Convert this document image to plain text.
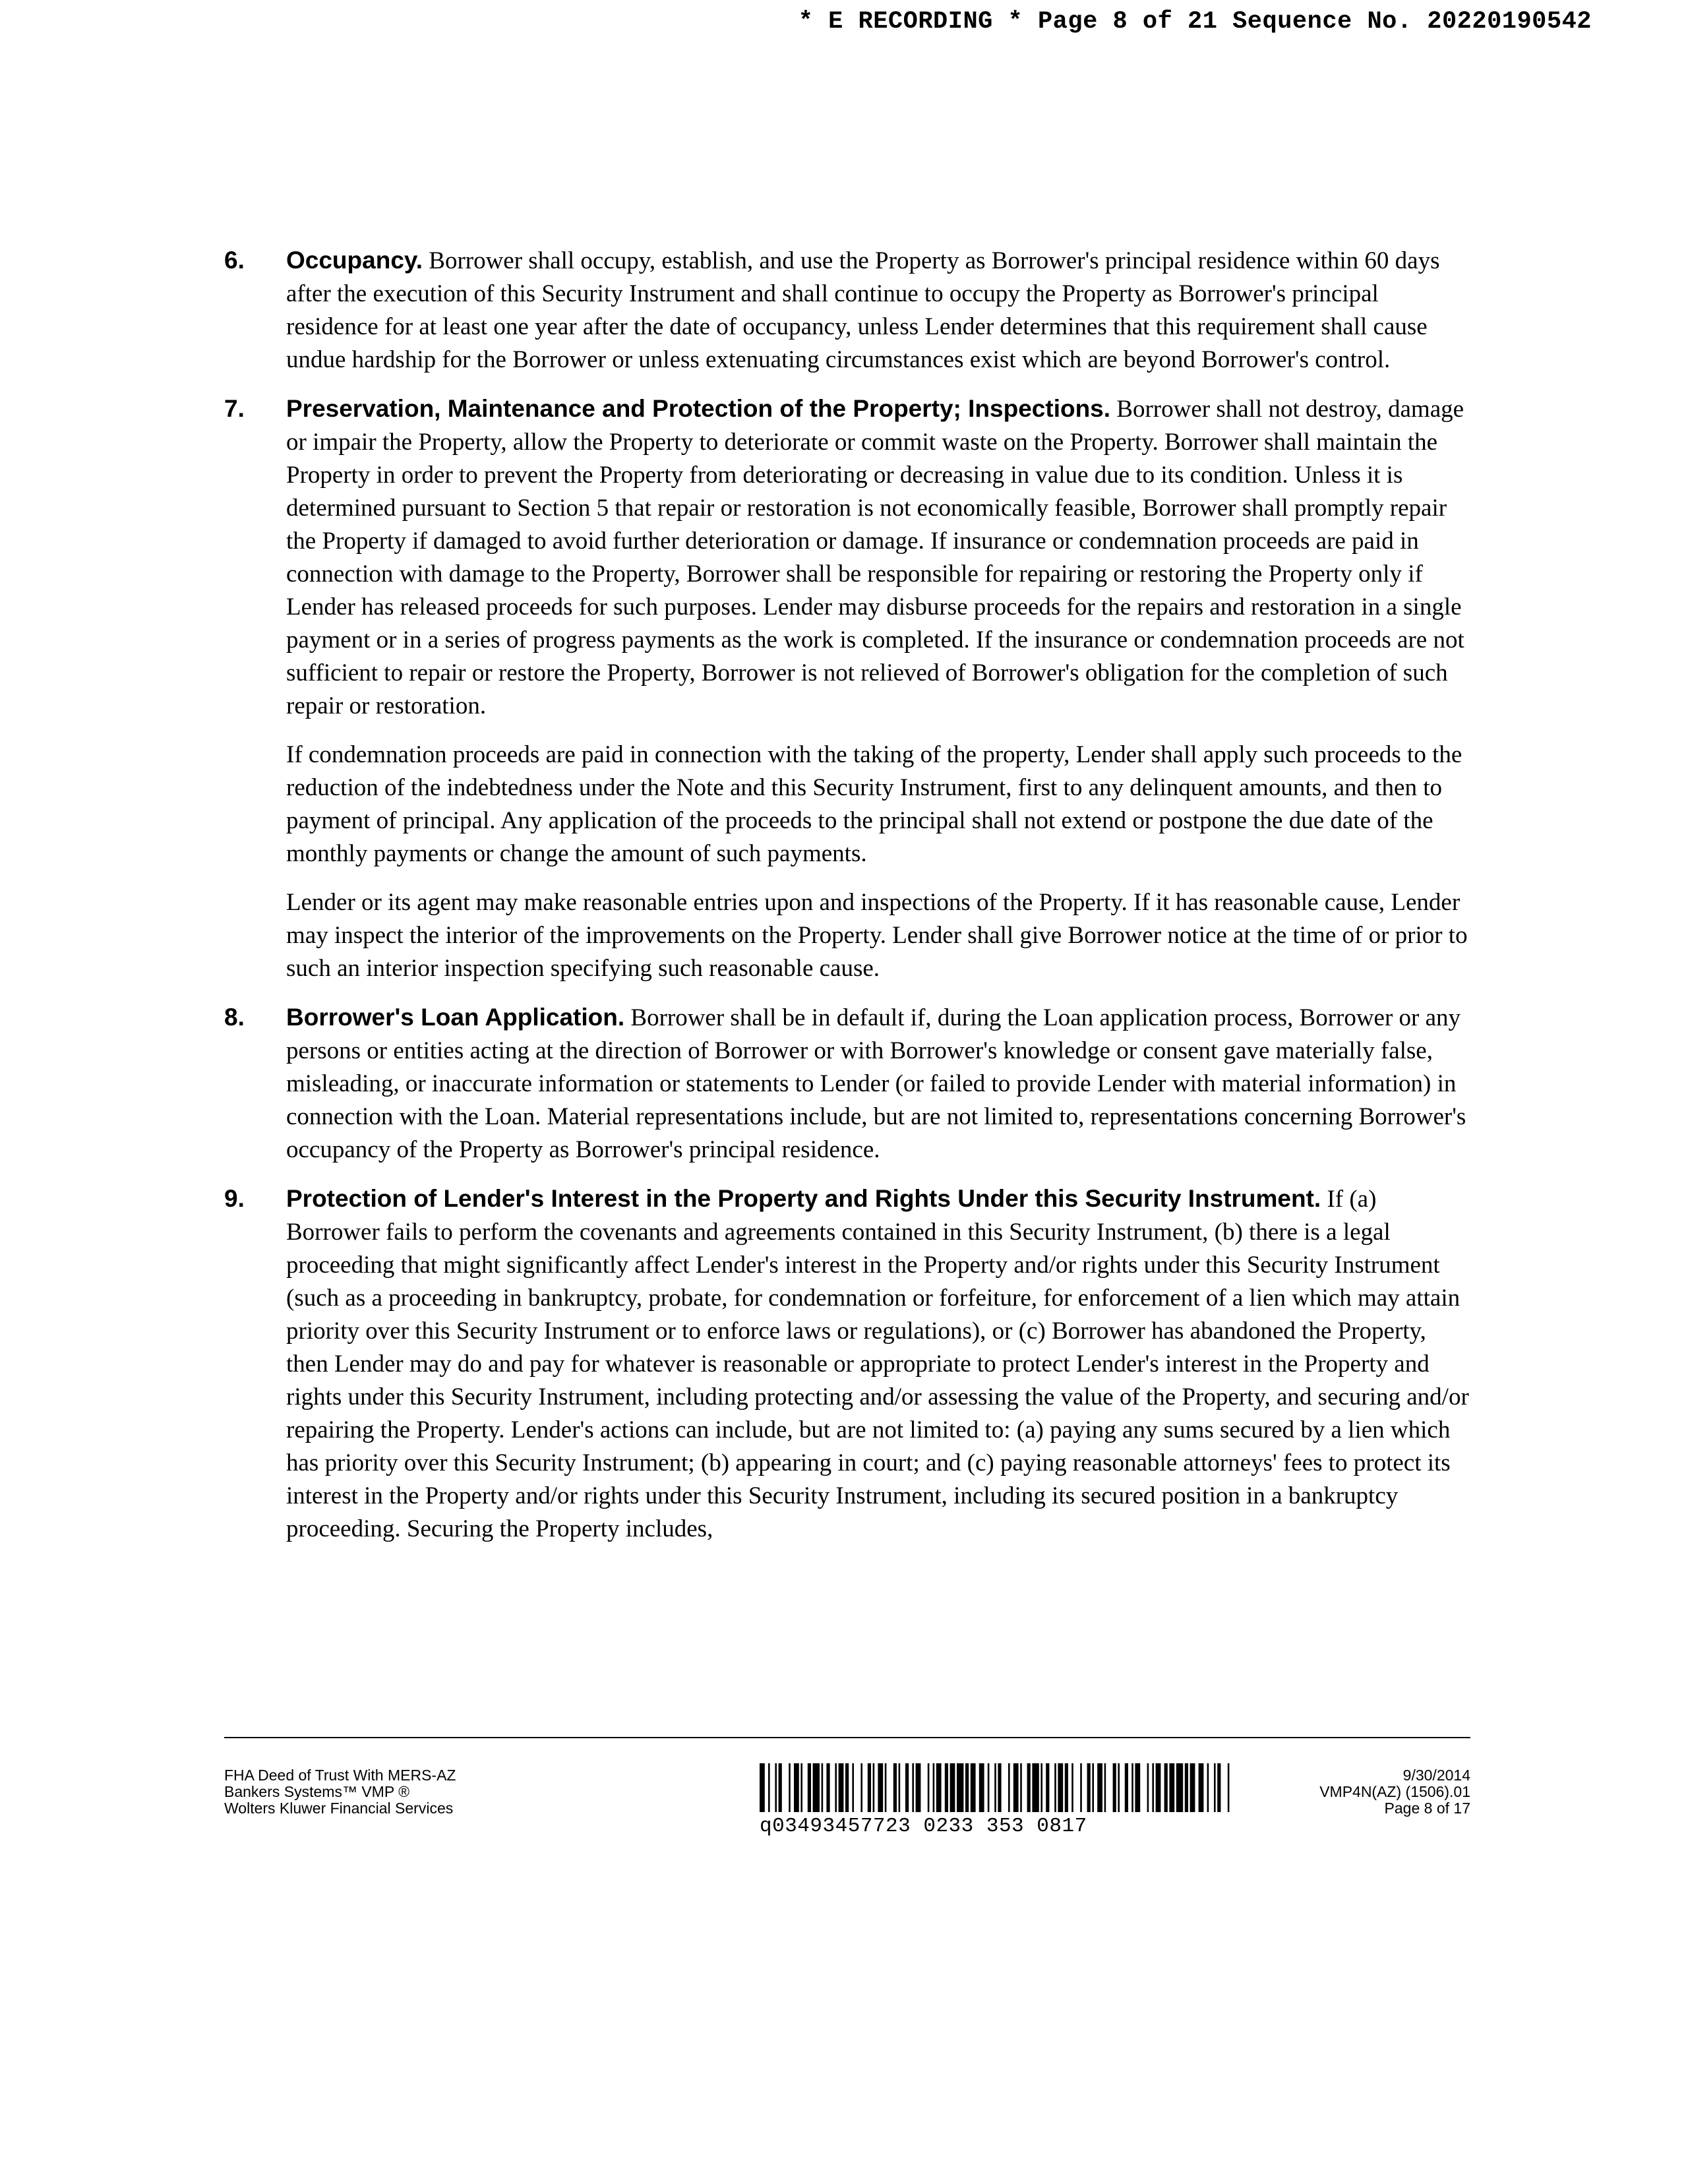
* E RECORDING * Page 8 of 21 Sequence No. 20220190542
6. Occupancy. Borrower shall occupy, establish, and use the Property as Borrower's principal residence within 60 days after the execution of this Security Instrument and shall continue to occupy the Property as Borrower's principal residence for at least one year after the date of occupancy, unless Lender determines that this requirement shall cause undue hardship for the Borrower or unless extenuating circumstances exist which are beyond Borrower's control.

7. Preservation, Maintenance and Protection of the Property; Inspections. Borrower shall not destroy, damage or impair the Property, allow the Property to deteriorate or commit waste on the Property. Borrower shall maintain the Property in order to prevent the Property from deteriorating or decreasing in value due to its condition. Unless it is determined pursuant to Section 5 that repair or restoration is not economically feasible, Borrower shall promptly repair the Property if damaged to avoid further deterioration or damage. If insurance or condemnation proceeds are paid in connection with damage to the Property, Borrower shall be responsible for repairing or restoring the Property only if Lender has released proceeds for such purposes. Lender may disburse proceeds for the repairs and restoration in a single payment or in a series of progress payments as the work is completed. If the insurance or condemnation proceeds are not sufficient to repair or restore the Property, Borrower is not relieved of Borrower's obligation for the completion of such repair or restoration.

If condemnation proceeds are paid in connection with the taking of the property, Lender shall apply such proceeds to the reduction of the indebtedness under the Note and this Security Instrument, first to any delinquent amounts, and then to payment of principal. Any application of the proceeds to the principal shall not extend or postpone the due date of the monthly payments or change the amount of such payments.

Lender or its agent may make reasonable entries upon and inspections of the Property. If it has reasonable cause, Lender may inspect the interior of the improvements on the Property. Lender shall give Borrower notice at the time of or prior to such an interior inspection specifying such reasonable cause.

8. Borrower's Loan Application. Borrower shall be in default if, during the Loan application process, Borrower or any persons or entities acting at the direction of Borrower or with Borrower's knowledge or consent gave materially false, misleading, or inaccurate information or statements to Lender (or failed to provide Lender with material information) in connection with the Loan. Material representations include, but are not limited to, representations concerning Borrower's occupancy of the Property as Borrower's principal residence.

9. Protection of Lender's Interest in the Property and Rights Under this Security Instrument. If (a) Borrower fails to perform the covenants and agreements contained in this Security Instrument, (b) there is a legal proceeding that might significantly affect Lender's interest in the Property and/or rights under this Security Instrument (such as a proceeding in bankruptcy, probate, for condemnation or forfeiture, for enforcement of a lien which may attain priority over this Security Instrument or to enforce laws or regulations), or (c) Borrower has abandoned the Property, then Lender may do and pay for whatever is reasonable or appropriate to protect Lender's interest in the Property and rights under this Security Instrument, including protecting and/or assessing the value of the Property, and securing and/or repairing the Property. Lender's actions can include, but are not limited to: (a) paying any sums secured by a lien which has priority over this Security Instrument; (b) appearing in court; and (c) paying reasonable attorneys' fees to protect its interest in the Property and/or rights under this Security Instrument, including its secured position in a bankruptcy proceeding. Securing the Property includes,

FHA Deed of Trust With MERS-AZ
Bankers Systems™ VMP ®
Wolters Kluwer Financial Services
q03493457723 0233 353 0817
9/30/2014
VMP4N(AZ) (1506).01
Page 8 of 17
